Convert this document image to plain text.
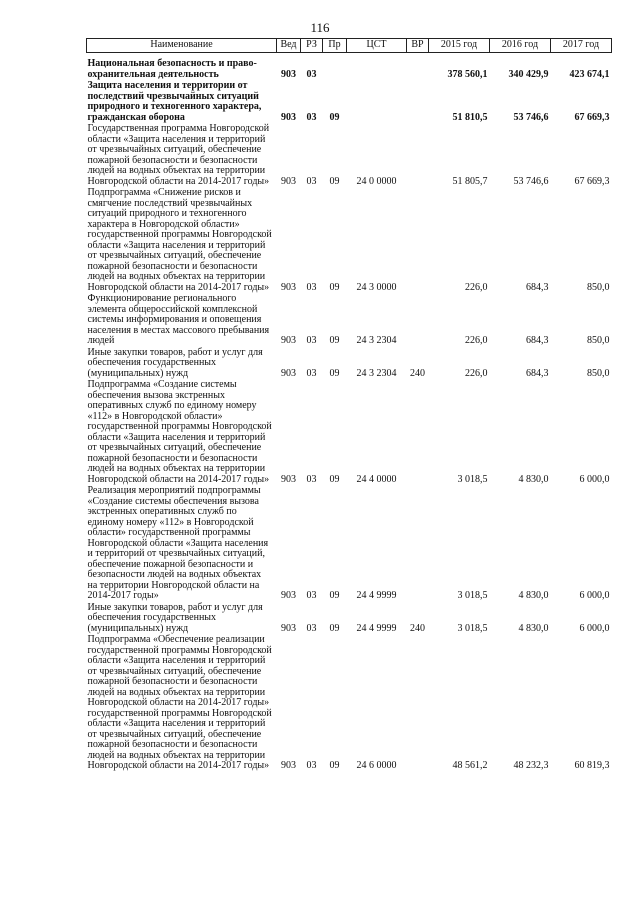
116
Наименование	Вед	РЗ	Пр	ЦСТ	ВР	2015 год	2016 год	2017 год
Национальная безопасность и право-охранительная деятельность	903	03				378 560,1	340 429,9	423 674,1
Защита населения и территории от последствий чрезвычайных ситуаций природного и техногенного характера, гражданская оборона	903	03	09			51 810,5	53 746,6	67 669,3
Государственная программа Новгородской области «Защита населения и территорий от чрезвычайных ситуаций, обеспечение пожарной безопасности и безопасности людей на водных объектах на территории Новгородской области на 2014-2017 годы»	903	03	09	24 0 0000		51 805,7	53 746,6	67 669,3
Подпрограмма «Снижение рисков и смягчение последствий чрезвычайных ситуаций природного и техногенного характера в Новгородской области» государственной программы Новгородской области «Защита населения и территорий от чрезвычайных ситуаций, обеспечение пожарной безопасности и безопасности людей на водных объектах на территории Новгородской области на 2014-2017 годы»	903	03	09	24 3 0000		226,0	684,3	850,0
Функционирование регионального элемента общероссийской комплексной системы информирования и оповещения населения в местах массового пребывания людей	903	03	09	24 3 2304		226,0	684,3	850,0
Иные закупки товаров, работ и услуг для обеспечения государственных (муниципальных) нужд	903	03	09	24 3 2304	240	226,0	684,3	850,0
Подпрограмма «Создание системы обеспечения вызова экстренных оперативных служб по единому номеру «112» в Новгородской области» государственной программы Новгородской области «Защита населения и территорий от чрезвычайных ситуаций, обеспечение пожарной безопасности и безопасности людей на водных объектах на территории Новгородской области на 2014-2017 годы»	903	03	09	24 4 0000		3 018,5	4 830,0	6 000,0
Реализация мероприятий подпрограммы «Создание системы обеспечения вызова экстренных оперативных служб по единому номеру «112» в Новгородской области» государственной программы Новгородской области «Защита населения и территорий от чрезвычайных ситуаций, обеспечение пожарной безопасности и безопасности людей на водных объектах на территории Новгородской области на 2014-2017 годы»	903	03	09	24 4 9999		3 018,5	4 830,0	6 000,0
Иные закупки товаров, работ и услуг для обеспечения государственных (муниципальных) нужд	903	03	09	24 4 9999	240	3 018,5	4 830,0	6 000,0
Подпрограмма «Обеспечение реализации государственной программы Новгородской области «Защита населения и территорий от чрезвычайных ситуаций, обеспечение пожарной безопасности и безопасности людей на водных объектах на территории Новгородской области на 2014-2017 годы» государственной программы Новгородской области «Защита населения и территорий от чрезвычайных ситуаций, обеспечение пожарной безопасности и безопасности людей на водных объектах на территории Новгородской области на 2014-2017 годы»	903	03	09	24 6 0000		48 561,2	48 232,3	60 819,3
